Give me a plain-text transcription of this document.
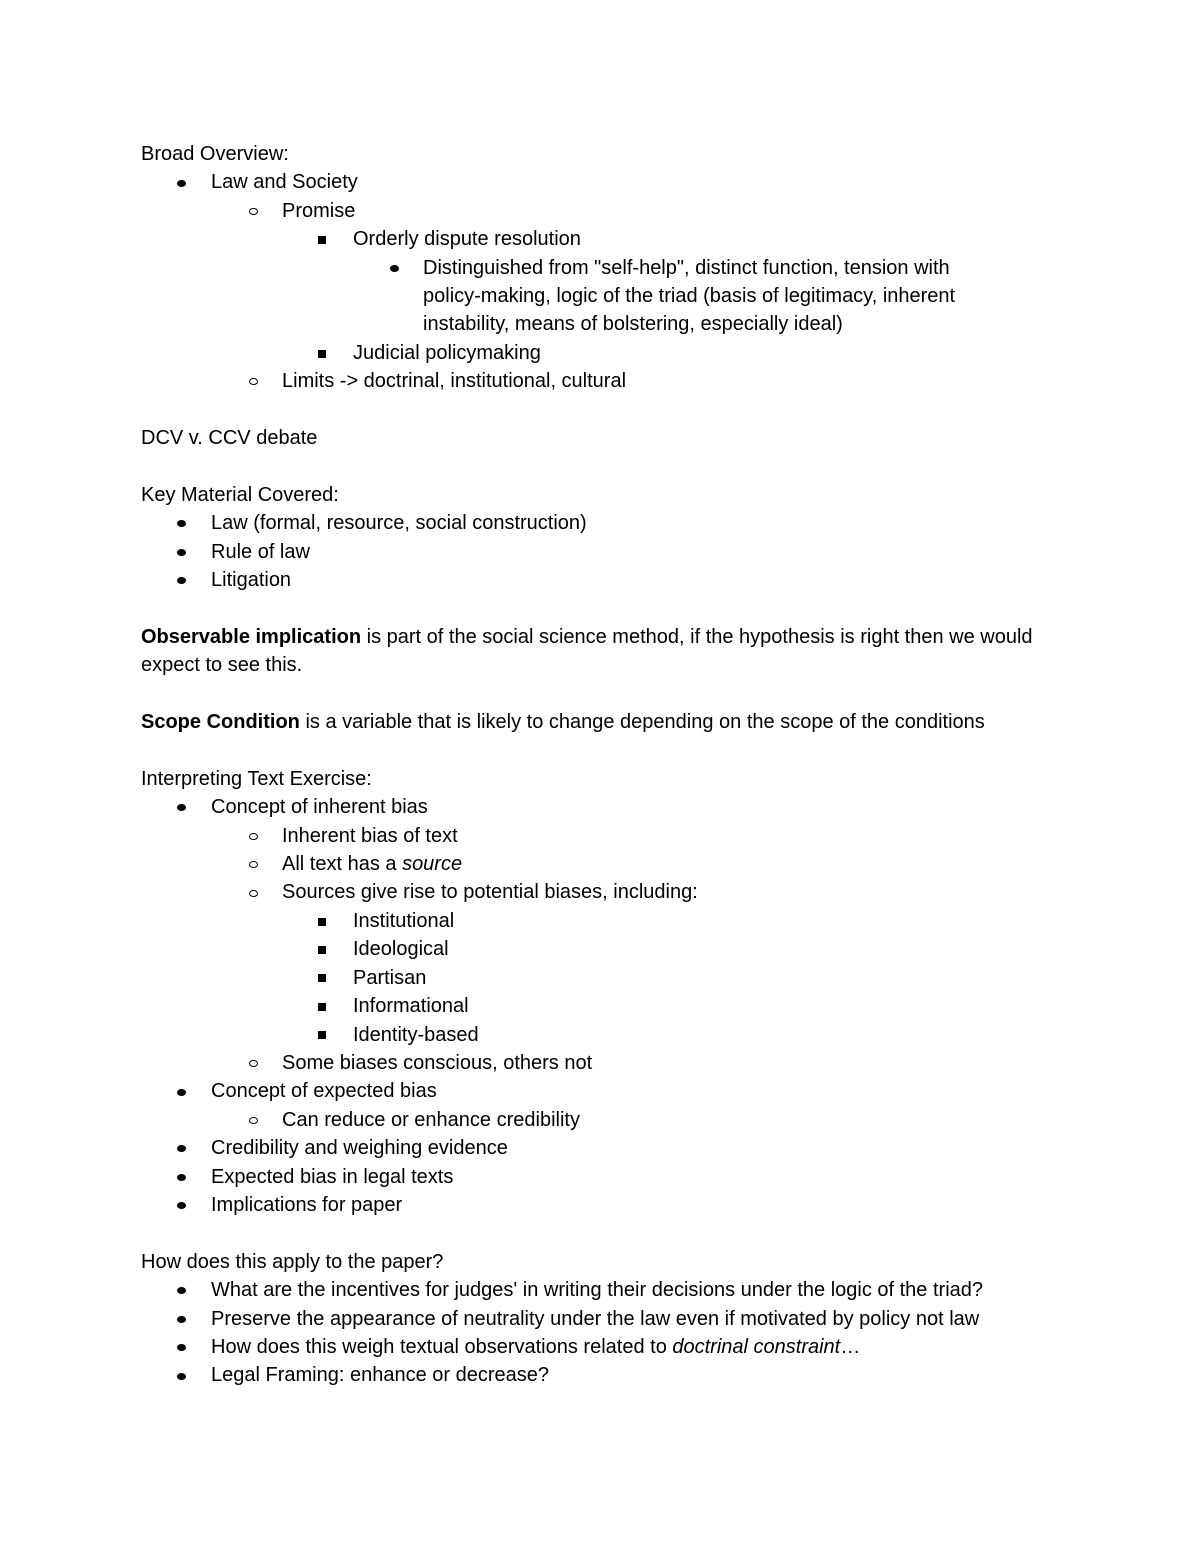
Broad Overview:
Law and Society
Promise
Orderly dispute resolution
Distinguished from "self-help", distinct function, tension with policy-making, logic of the triad (basis of legitimacy, inherent instability, means of bolstering, especially ideal)
Judicial policymaking
Limits -> doctrinal, institutional, cultural
DCV v. CCV debate
Key Material Covered:
Law (formal, resource, social construction)
Rule of law
Litigation
Observable implication is part of the social science method, if the hypothesis is right then we would expect to see this.
Scope Condition is a variable that is likely to change depending on the scope of the conditions
Interpreting Text Exercise:
Concept of inherent bias
Inherent bias of text
All text has a source
Sources give rise to potential biases, including:
Institutional
Ideological
Partisan
Informational
Identity-based
Some biases conscious, others not
Concept of expected bias
Can reduce or enhance credibility
Credibility and weighing evidence
Expected bias in legal texts
Implications for paper
How does this apply to the paper?
What are the incentives for judges' in writing their decisions under the logic of the triad?
Preserve the appearance of neutrality under the law even if motivated by policy not law
How does this weigh textual observations related to doctrinal constraint…
Legal Framing: enhance or decrease?
